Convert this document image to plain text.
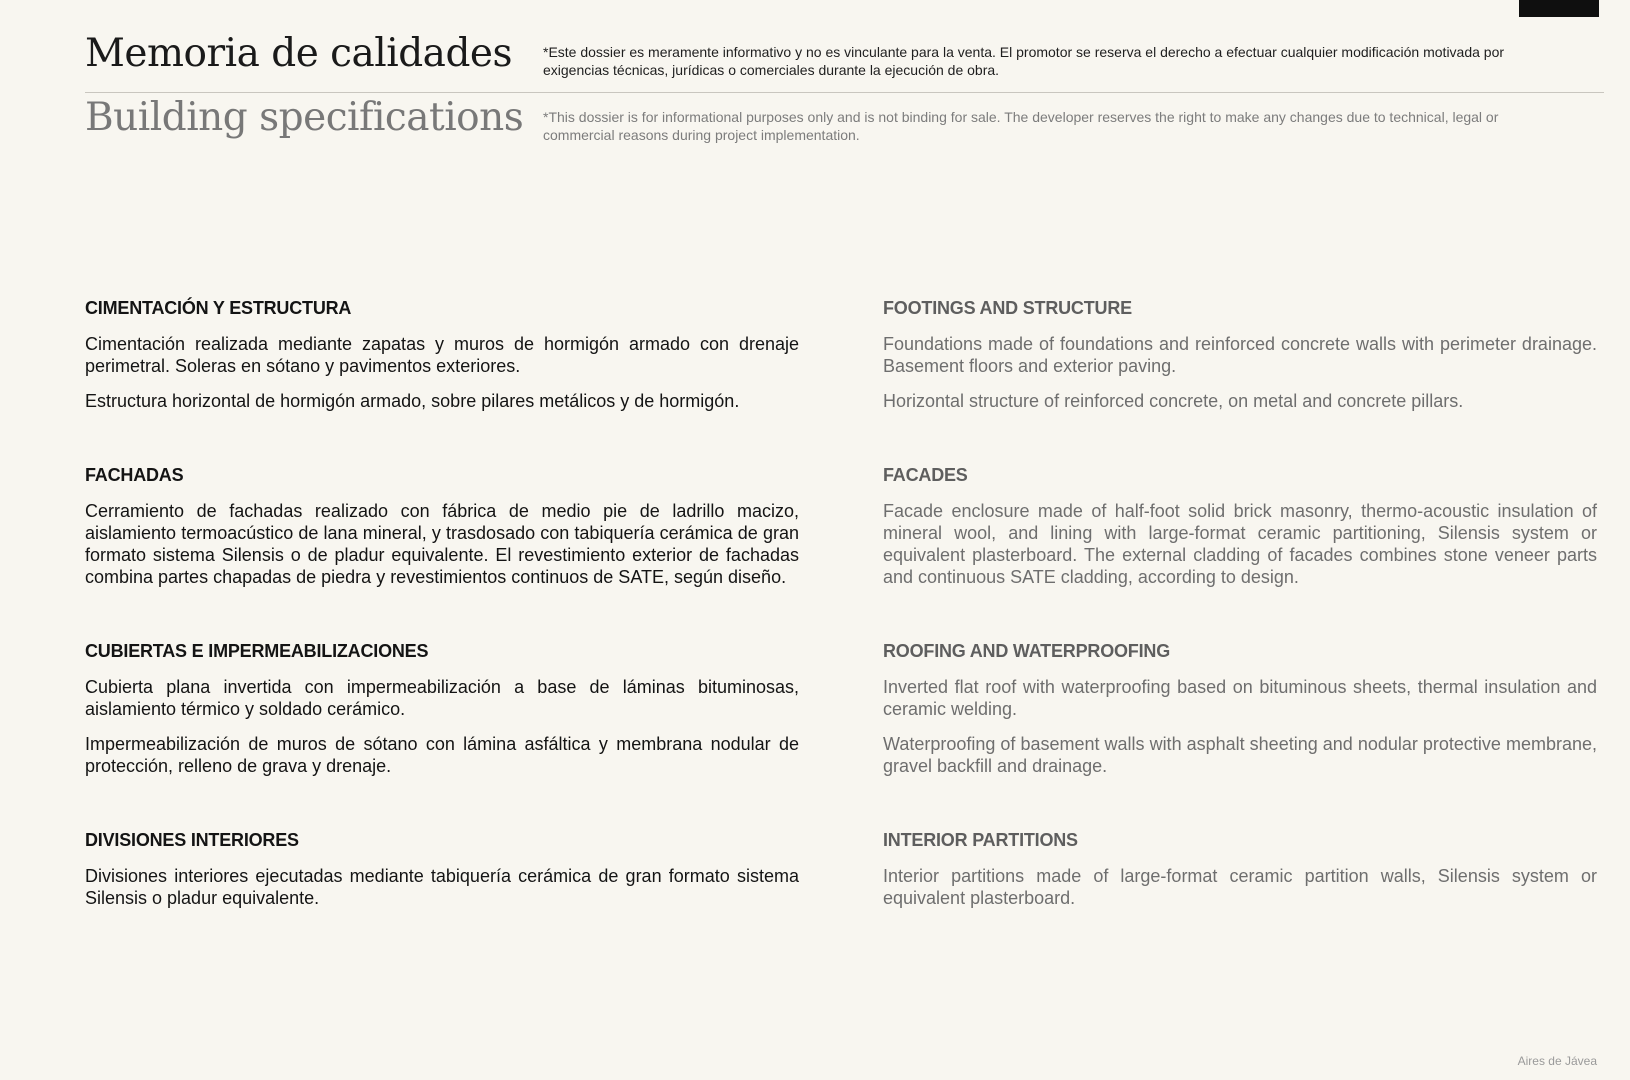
Memoria de calidades *Este dossier es meramente informativo y no es vinculante para la venta. El promotor se reserva el derecho a efectuar cualquier modificación motivada por exigencias técnicas, jurídicas o comerciales durante la ejecución de obra.

Building specifications *This dossier is for informational purposes only and is not binding for sale. The developer reserves the right to make any changes due to technical, legal or commercial reasons during project implementation.

CIMENTACIÓN Y ESTRUCTURA

Cimentación realizada mediante zapatas y muros de hormigón armado con drenaje perimetral. Soleras en sótano y pavimentos exteriores.

Estructura horizontal de hormigón armado, sobre pilares metálicos y de hormigón.

FACHADAS

Cerramiento de fachadas realizado con fábrica de medio pie de ladrillo macizo, aislamiento termoacústico de lana mineral, y trasdosado con tabiquería cerámica de gran formato sistema Silensis o de pladur equivalente. El revestimiento exterior de fachadas combina partes chapadas de piedra y revestimientos continuos de SATE, según diseño.

CUBIERTAS E IMPERMEABILIZACIONES

Cubierta plana invertida con impermeabilización a base de láminas bituminosas, aislamiento térmico y soldado cerámico.

Impermeabilización de muros de sótano con lámina asfáltica y membrana nodular de protección, relleno de grava y drenaje.

DIVISIONES INTERIORES

Divisiones interiores ejecutadas mediante tabiquería cerámica de gran formato sistema Silensis o pladur equivalente.

FOOTINGS AND STRUCTURE

Foundations made of foundations and reinforced concrete walls with perimeter drainage. Basement floors and exterior paving.

Horizontal structure of reinforced concrete, on metal and concrete pillars.

FACADES

Facade enclosure made of half-foot solid brick masonry, thermo-acoustic insulation of mineral wool, and lining with large-format ceramic partitioning, Silensis system or equivalent plasterboard. The external cladding of facades combines stone veneer parts and continuous SATE cladding, according to design.

ROOFING AND WATERPROOFING

Inverted flat roof with waterproofing based on bituminous sheets, thermal insulation and ceramic welding.

Waterproofing of basement walls with asphalt sheeting and nodular protective membrane, gravel backfill and drainage.

INTERIOR PARTITIONS

Interior partitions made of large-format ceramic partition walls, Silensis system or equivalent plasterboard.

Aires de Jávea
